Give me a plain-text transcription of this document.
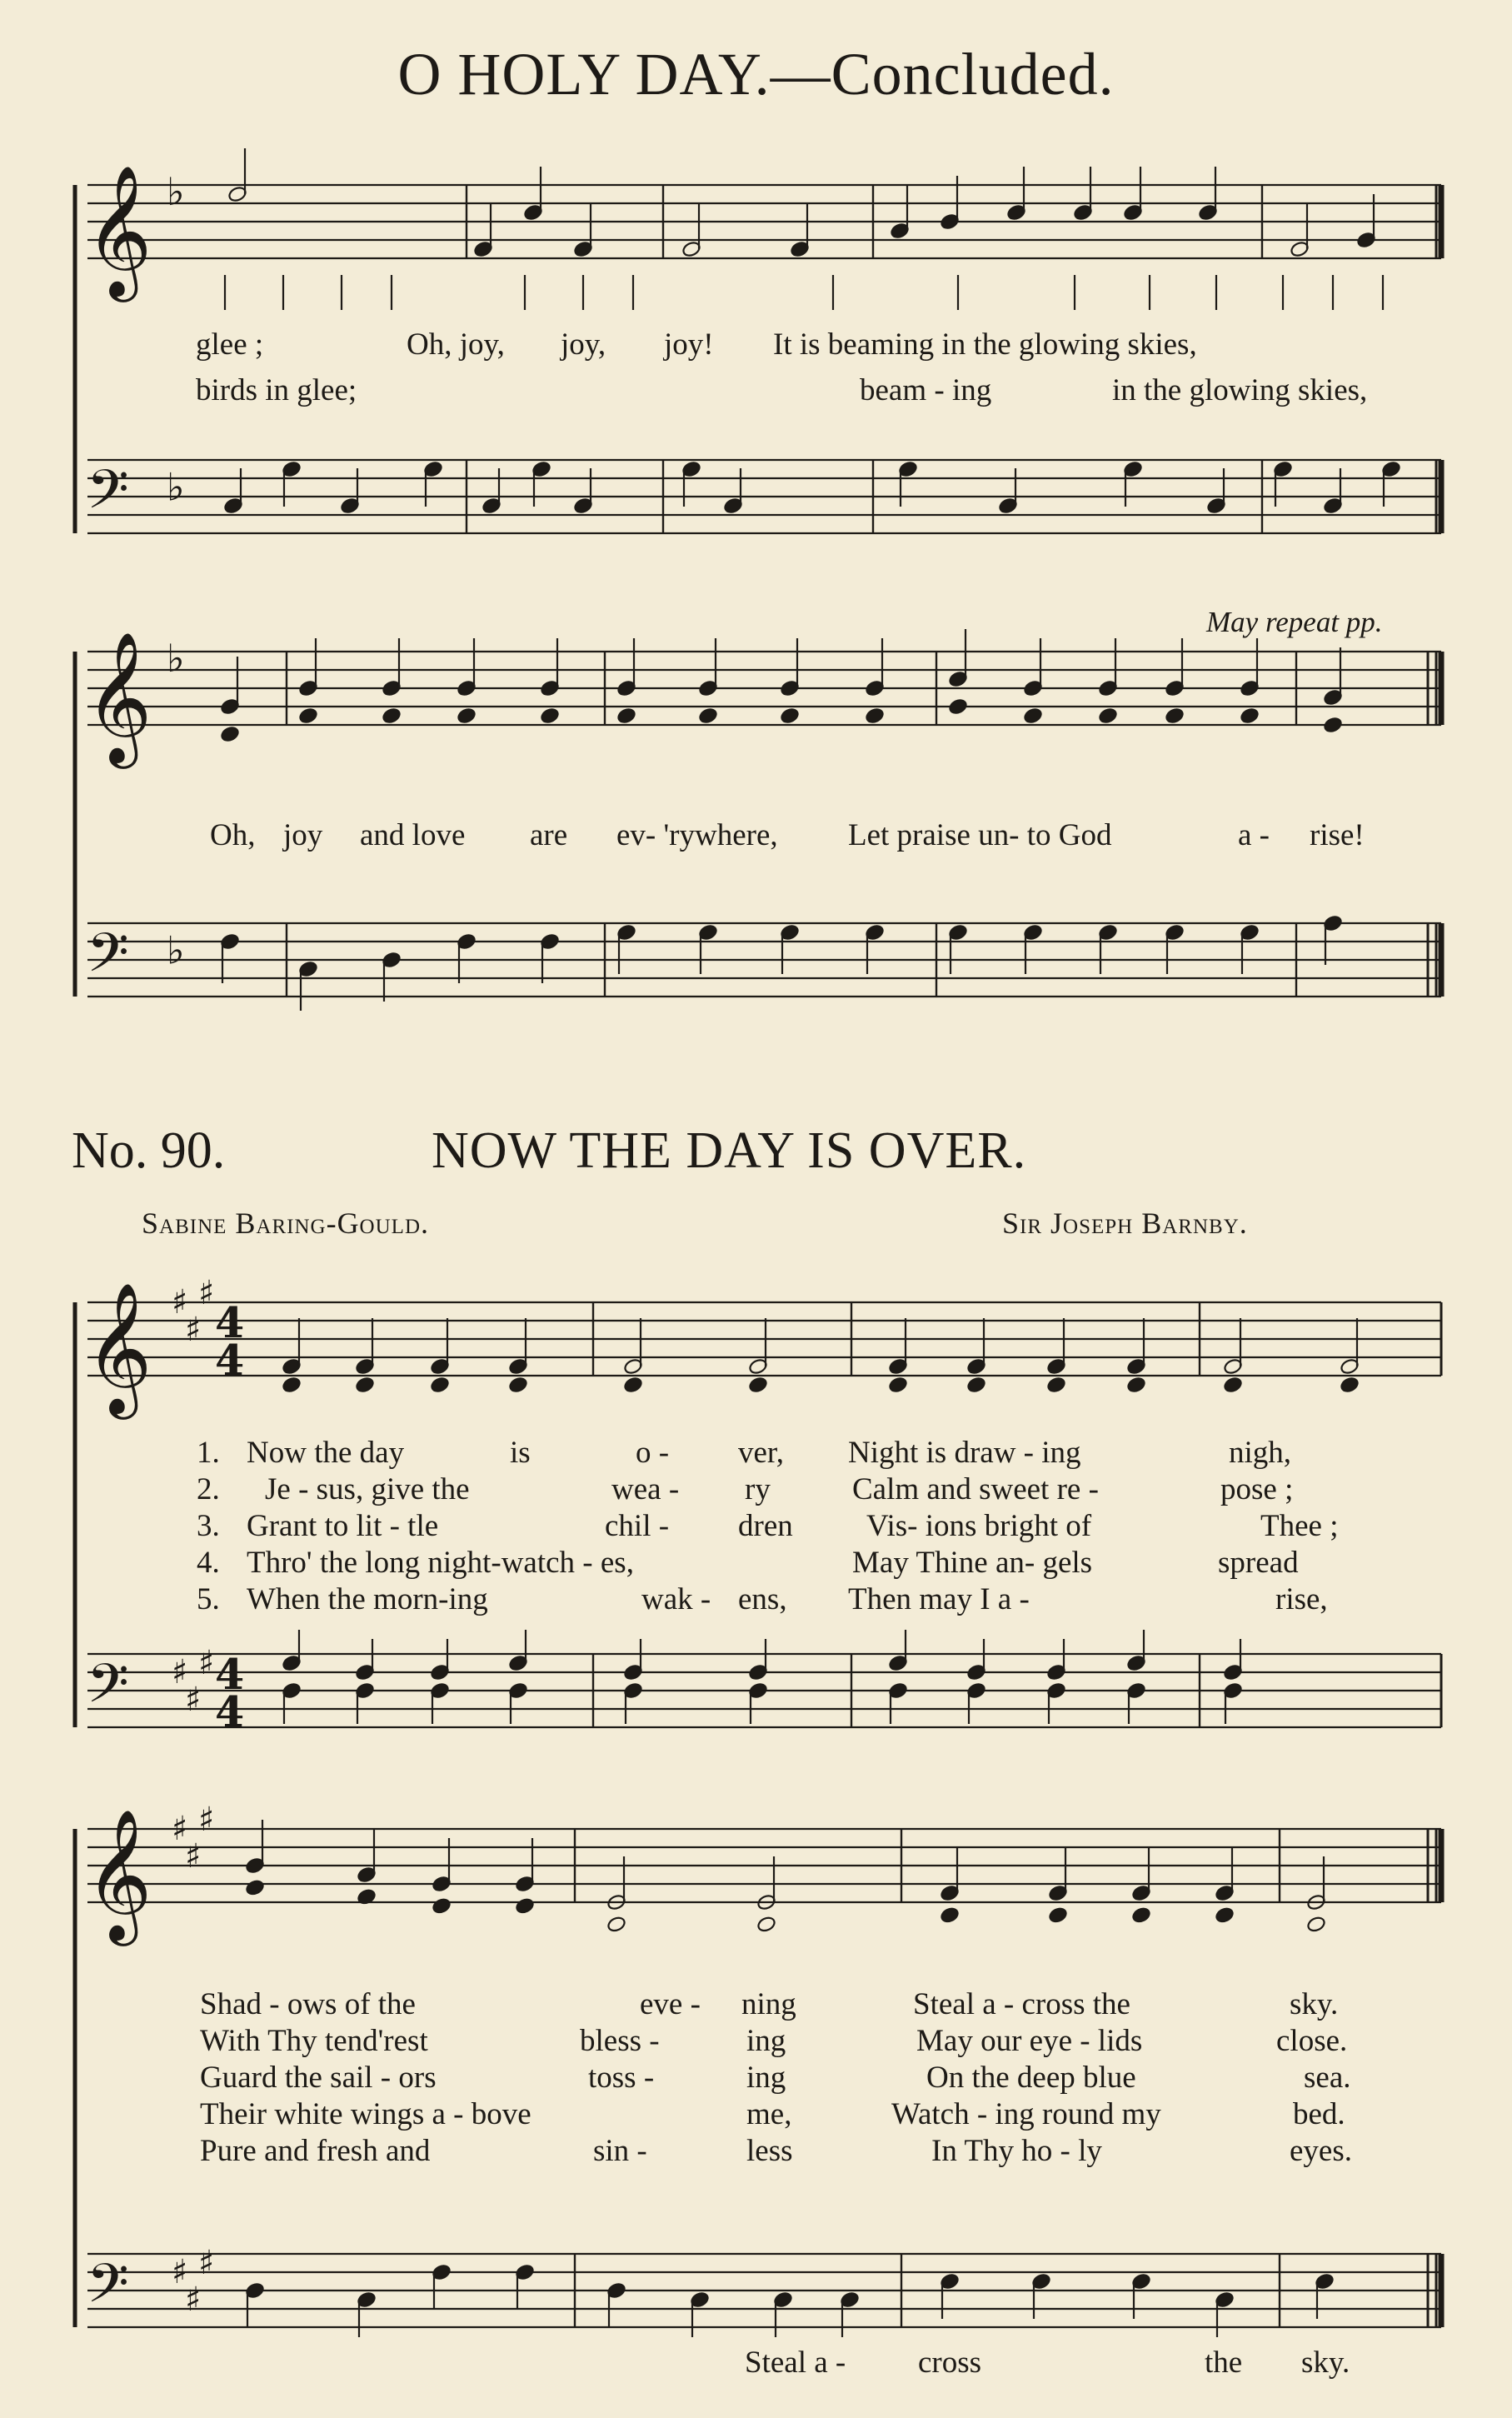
O HOLY DAY.—Concluded.
𝄞 ♭
𝄢 ♭
𝄞 ♭
𝄢 ♭
𝄞 ♯
♯
♯
4
4
𝄢 ♯
♯
♯ 4
4
𝄞 ♯
♯
♯
𝄢 ♯
♯
♯
glee ;	Oh, joy, joy, joy! It is beaming in the glowing skies,
birds in glee;	beam - ing	in the glowing skies,
May repeat pp.
Oh, joy and love are ev- 'rywhere, Let praise un- to God	a - rise!
No. 90.	NOW THE DAY IS OVER.
Sabine Baring-Gould.	Sir Joseph Barnby.
1. Now the day	is	o - ver, Night is draw - ing	nigh,
2. Je - sus, give the	wea - ry	Calm and sweet re -	pose ;
3. Grant to lit - tle	chil - dren Vis- ions bright of	Thee ;
4. Thro' the long night-watch - es,	May Thine an- gels	spread
5. When the morn-ing	wak - ens, Then may I a -	rise,
Shad - ows of the	eve - ning	Steal a - cross the	sky.
With Thy tend'rest	bless -	ing	May our eye - lids	close.
Guard the sail - ors	toss -	ing	On the deep blue	sea.
Their white wings a - bove	me,	Watch - ing round my	bed.
Pure and fresh and	sin -	less	In Thy ho - ly	eyes.
Steal a - cross	the sky.
